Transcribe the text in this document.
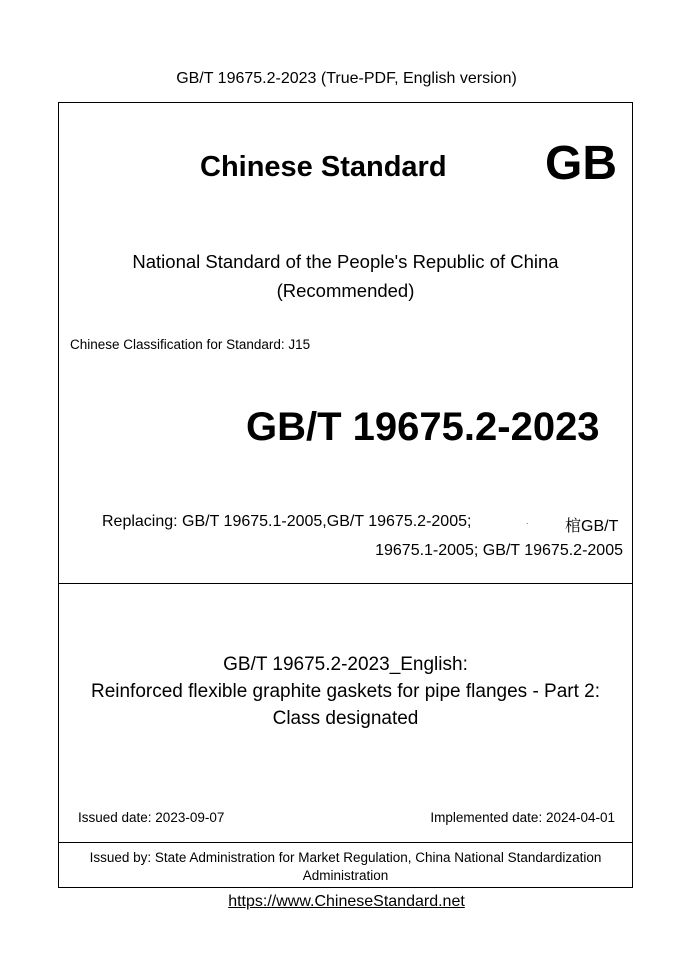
GB/T 19675.2-2023 (True-PDF, English version)
Chinese Standard GB
National Standard of the People's Republic of China
(Recommended)
Chinese Classification for Standard: J15
GB/T 19675.2-2023
Replacing: GB/T 19675.1-2005,GB/T 19675.2-2005;	. 棺GB/T
19675.1-2005; GB/T 19675.2-2005
GB/T 19675.2-2023_English:
Reinforced flexible graphite gaskets for pipe flanges - Part 2:
Class designated
Issued date: 2023-09-07	Implemented date: 2024-04-01
Issued by: State Administration for Market Regulation, China National Standardization
Administration
https://www.ChineseStandard.net
